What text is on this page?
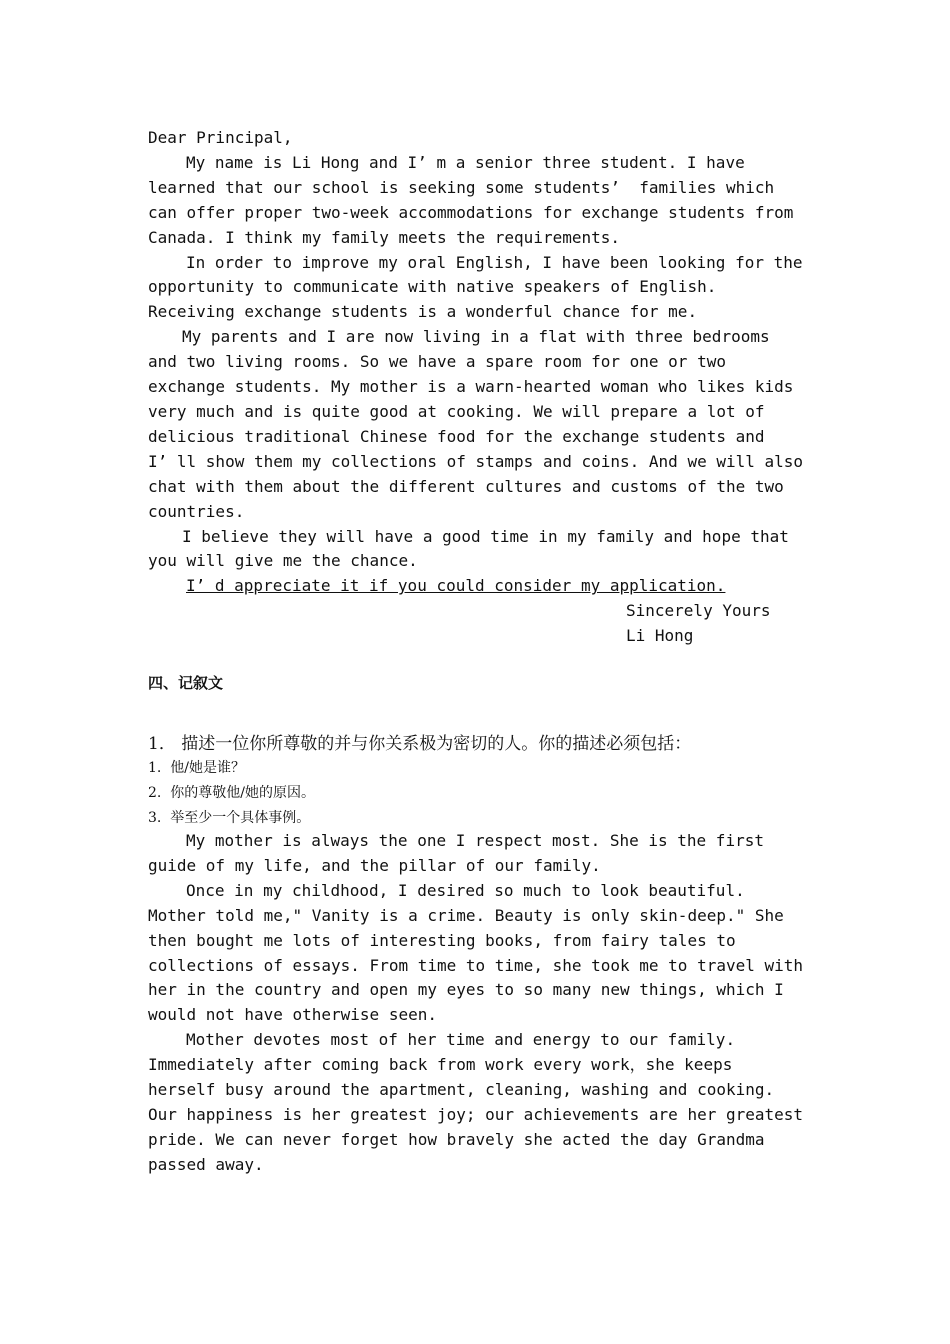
Dear Principal,

My name is Li Hong and I’ m a senior three student. I have

learned that our school is seeking some students’  families which

can offer proper two-week accommodations for exchange students from

Canada. I think my family meets the requirements.

In order to improve my oral English, I have been looking for the

opportunity to communicate with native speakers of English.

Receiving exchange students is a wonderful chance for me.

My parents and I are now living in a flat with three bedrooms

and two living rooms. So we have a spare room for one or two

exchange students. My mother is a warn-hearted woman who likes kids

very much and is quite good at cooking. We will prepare a lot of

delicious traditional Chinese food for the exchange students and

I’ ll show them my collections of stamps and coins. And we will also

chat with them about the different cultures and customs of the two

countries.

I believe they will have a good time in my family and hope that

you will give me the chance.

I’ d appreciate it if you could consider my application.

Sincerely Yours

Li Hong

四、记叙文

1． 描述一位你所尊敬的并与你关系极为密切的人。你的描述必须包括：

1.  他/她是谁？

2.  你的尊敬他/她的原因。

3.  举至少一个具体事例。

My mother is always the one I respect most. She is the first

guide of my life, and the pillar of our family.

Once in my childhood, I desired so much to look beautiful.

Mother told me," Vanity is a crime. Beauty is only skin-deep." She

then bought me lots of interesting books, from fairy tales to

collections of essays. From time to time, she took me to travel with

her in the country and open my eyes to so many new things, which I

would not have otherwise seen.

Mother devotes most of her time and energy to our family.

Immediately after coming back from work every work，she keeps

herself busy around the apartment, cleaning, washing and cooking.

Our happiness is her greatest joy; our achievements are her greatest

pride. We can never forget how bravely she acted the day Grandma

passed away.
